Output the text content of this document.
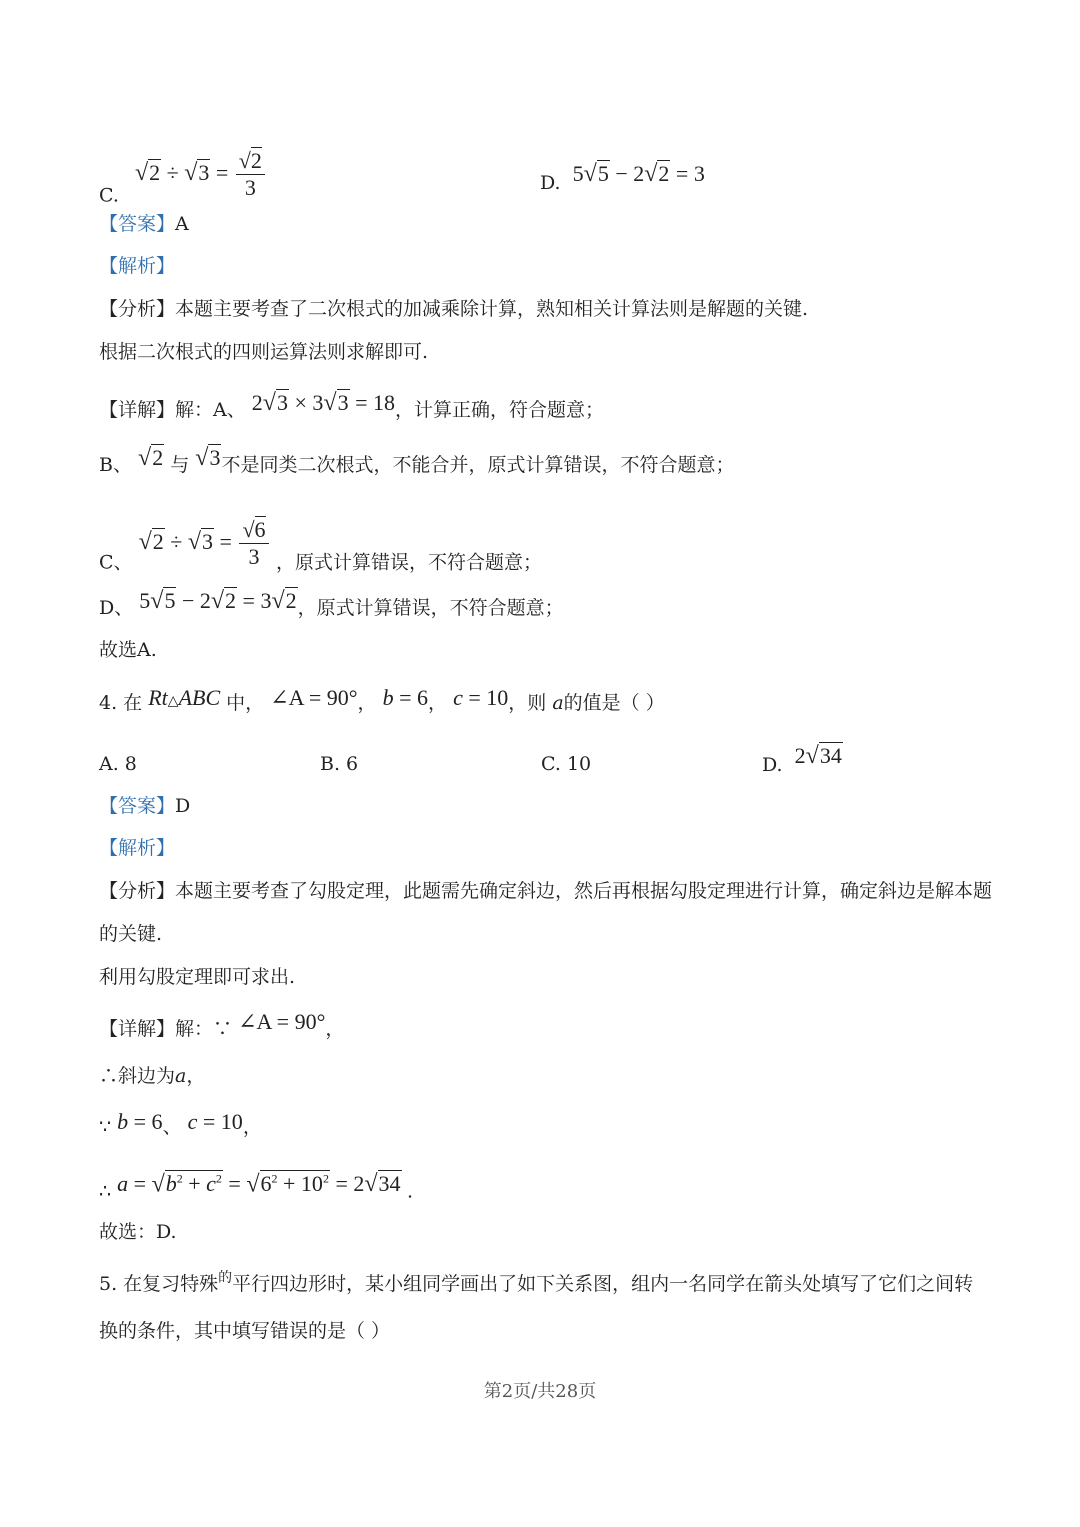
C. $√2 \div √3 = \frac{√2}{3}$	D. 5√5 − 2√2 = 3
【答案】A
【解析】
【分析】本题主要考查了二次根式的加减乘除计算，熟知相关计算法则是解题的关键.
根据二次根式的四则运算法则求解即可.
【详解】解：A、 2√3 × 3√3 = 18，计算正确，符合题意；
B、 √2 与 √3不是同类二次根式，不能合并，原式计算错误，不符合题意；
C、 $√2 \div √3 = \frac{√6}{3}$ ，原式计算错误，不符合题意；
D、 5√5 − 2√2 = 3√2，原式计算错误，不符合题意；
故选A.
4. 在 Rt△ABC 中， ∠A = 90°， b = 6， c = 10，则 a的值是（ ）
A. 8	B. 6	C. 10	D. 2√34
【答案】D
【解析】
【分析】本题主要考查了勾股定理，此题需先确定斜边，然后再根据勾股定理进行计算，确定斜边是解本题
的关键.
利用勾股定理即可求出.
【详解】解：∵ ∠A = 90°，
∴斜边为a，
∵ b = 6、 c = 10，
∴ $a = √b^2 + c^2 = √6^2 + 10^2 = 2√34$ .
故选：D.
5. 在复习特殊$^的$平行四边形时，某小组同学画出了如下关系图，组内一名同学在箭头处填写了它们之间转
换的条件，其中填写错误的是（ ）
第2页/共28页
